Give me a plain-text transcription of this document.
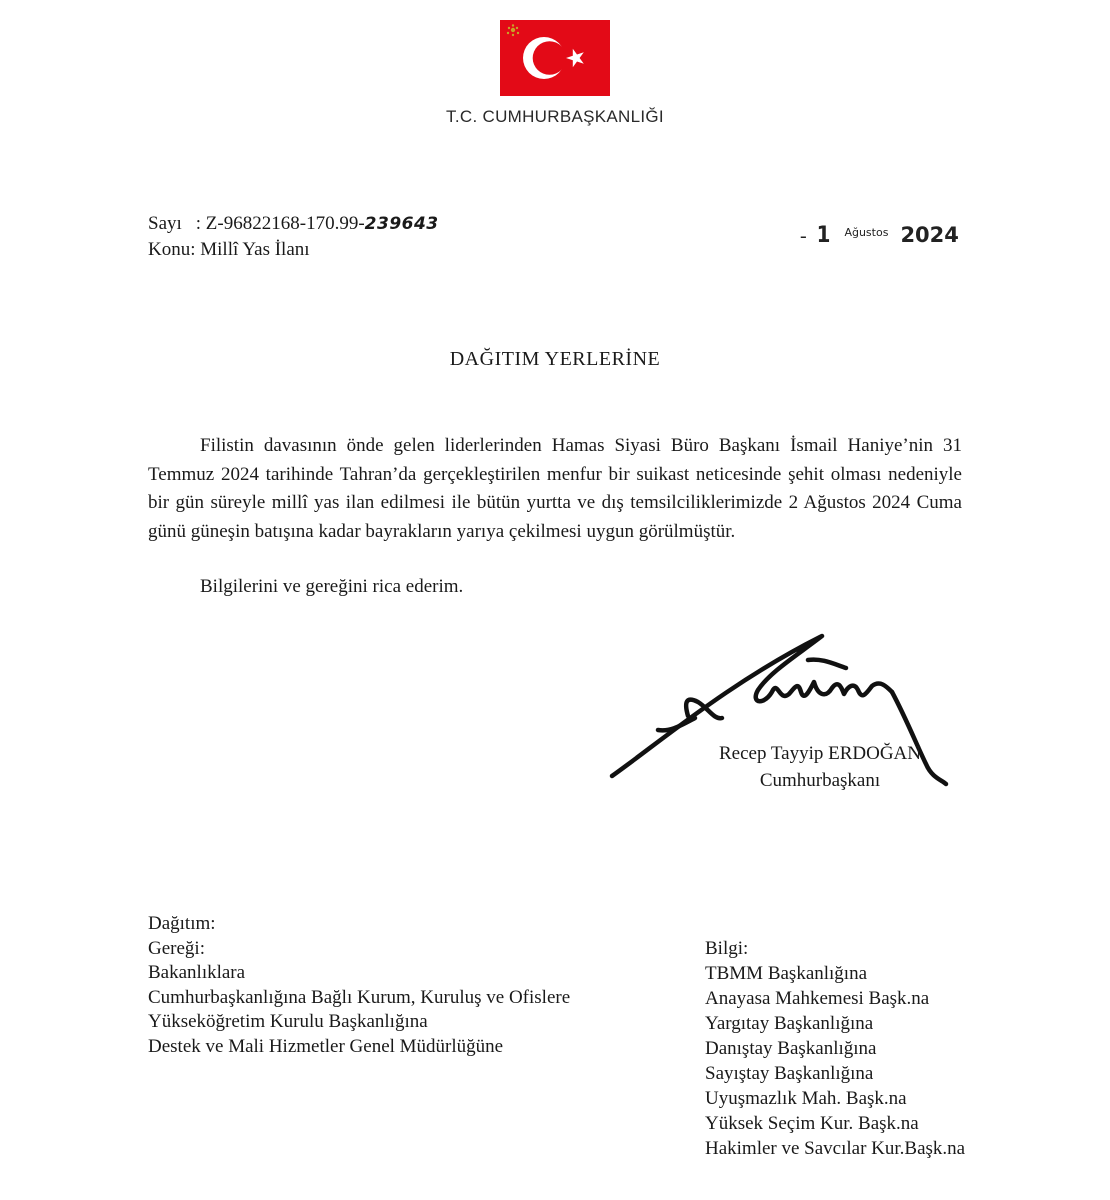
T.C. CUMHURBAŞKANLIĞI
Sayı : Z-96822168-170.99-239643
Konu: Millî Yas İlanı
- 1 $^{Ağustos}$ 2024
DAĞITIM YERLERİNE
Filistin davasının önde gelen liderlerinden Hamas Siyasi Büro Başkanı İsmail Haniye’nin 31 Temmuz 2024 tarihinde Tahran’da gerçekleştirilen menfur bir suikast neticesinde şehit olması nedeniyle bir gün süreyle millî yas ilan edilmesi ile bütün yurtta ve dış temsilciliklerimizde 2 Ağustos 2024 Cuma günü güneşin batışına kadar bayrakların yarıya çekilmesi uygun görülmüştür.
Bilgilerini ve gereğini rica ederim.
Recep Tayyip ERDOĞAN
Cumhurbaşkanı
Dağıtım:
Gereği:
Bakanlıklara
Cumhurbaşkanlığına Bağlı Kurum, Kuruluş ve Ofislere
Yükseköğretim Kurulu Başkanlığına
Destek ve Mali Hizmetler Genel Müdürlüğüne
Bilgi:
TBMM Başkanlığına
Anayasa Mahkemesi Başk.na
Yargıtay Başkanlığına
Danıştay Başkanlığına
Sayıştay Başkanlığına
Uyuşmazlık Mah. Başk.na
Yüksek Seçim Kur. Başk.na
Hakimler ve Savcılar Kur.Başk.na
